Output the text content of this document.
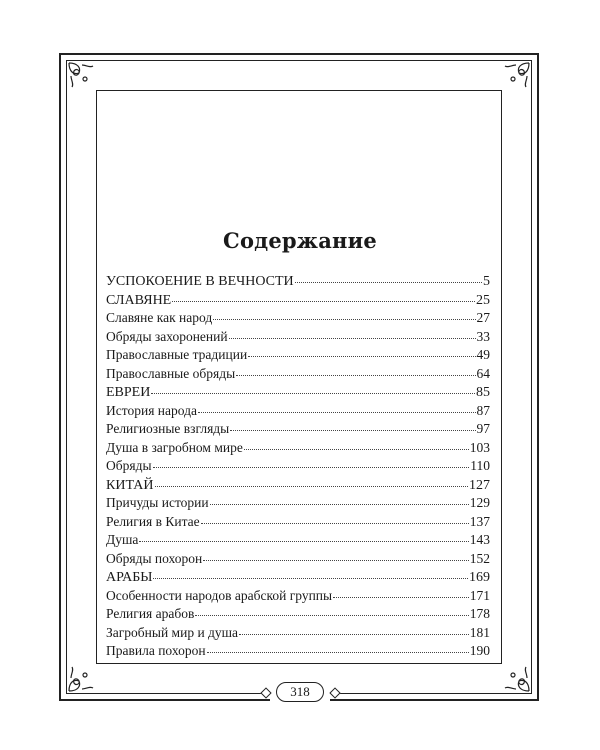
Содержание
УСПОКОЕНИЕ В ВЕЧНОСТИ	5
СЛАВЯНЕ	25
Славяне как народ	27
Обряды захоронений	33
Православные традиции	49
Православные обряды	64
ЕВРЕИ	85
История народа	87
Религиозные взгляды	97
Душа в загробном мире	103
Обряды	110
КИТАЙ	127
Причуды истории	129
Религия в Китае	137
Душа	143
Обряды похорон	152
АРАБЫ	169
Особенности народов арабской группы	171
Религия арабов	178
Загробный мир и душа	181
Правила похорон	190
318
